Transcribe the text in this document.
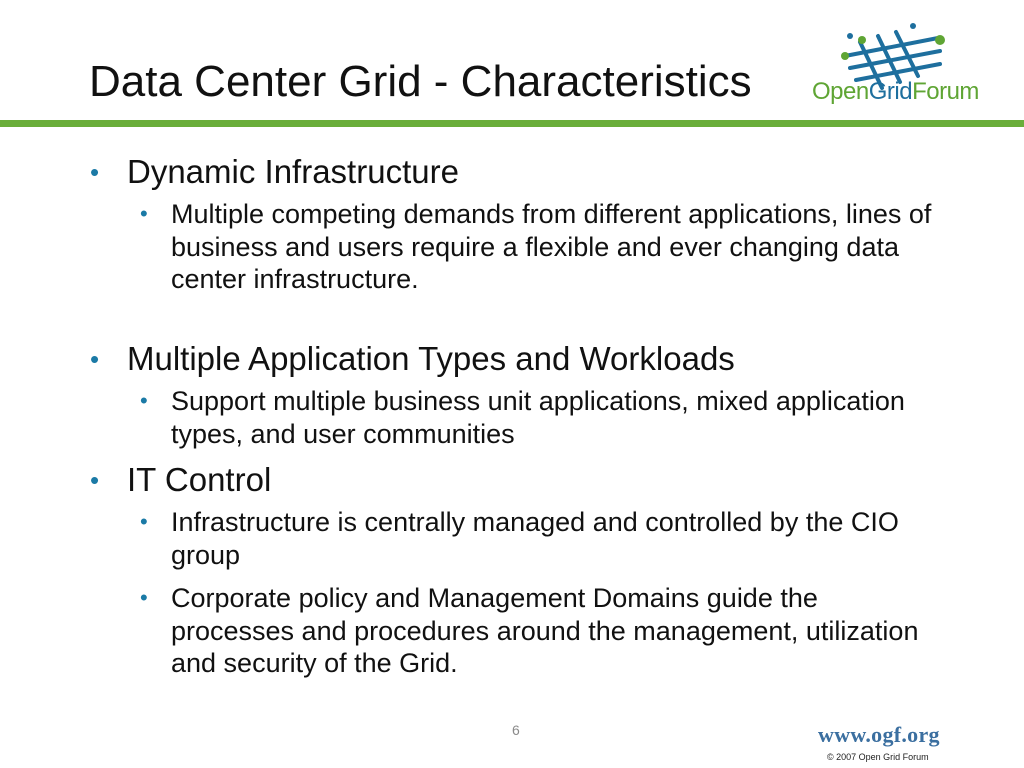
OpenGridForum
Data Center Grid - Characteristics
• Dynamic Infrastructure
• Multiple competing demands from different applications, lines of business and users require a flexible and ever changing data center infrastructure.
• Multiple Application Types and Workloads
• Support multiple business unit applications, mixed application types, and user communities
• IT Control
• Infrastructure is centrally managed and controlled by the CIO group
• Corporate policy and Management Domains guide the processes and procedures around the management, utilization and security of the Grid.
6	www.ogf.org
© 2007 Open Grid Forum
